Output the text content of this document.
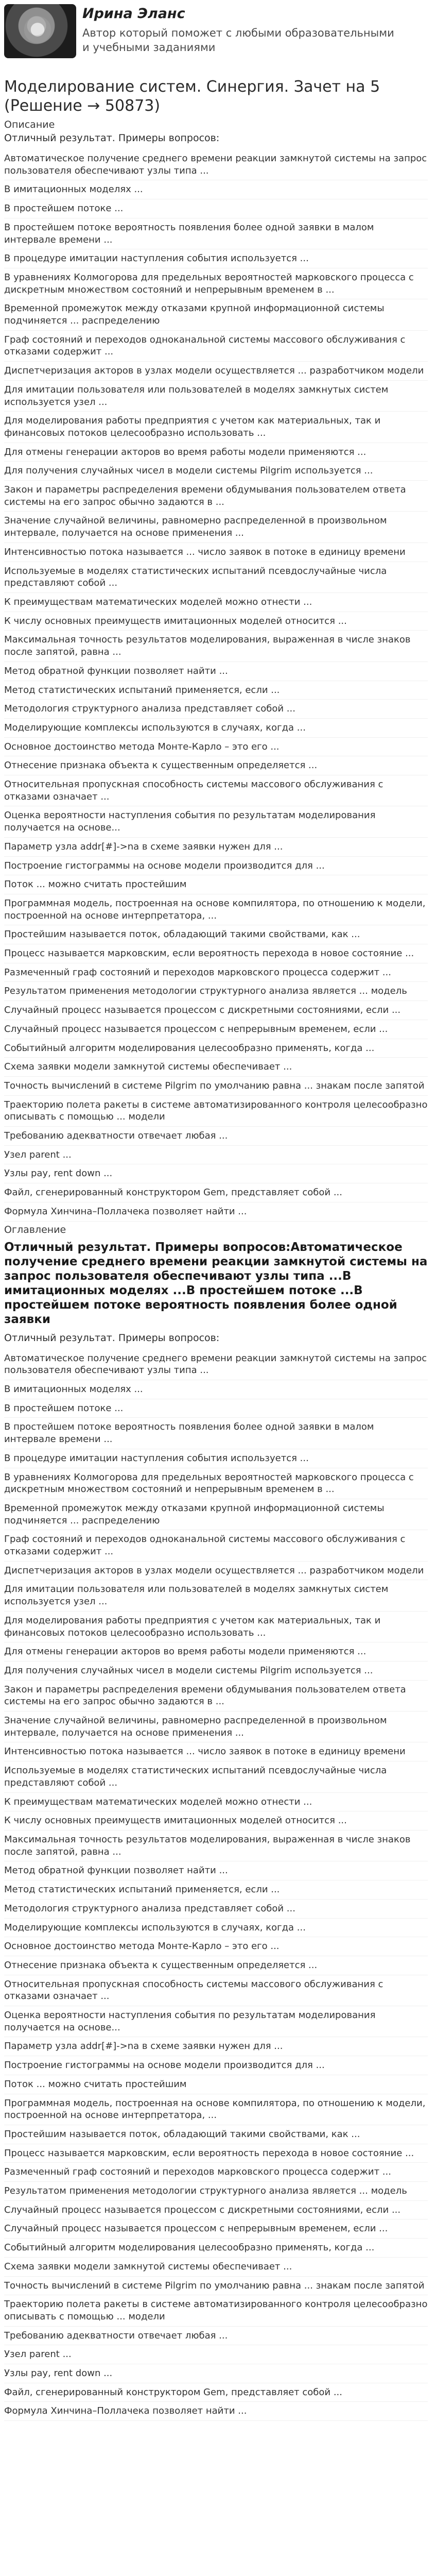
Ирина Эланс
Автор который поможет с любыми образовательными и учебными заданиями
Моделирование систем. Синергия. Зачет на 5 (Решение → 50873)
Описание
Отличный результат. Примеры вопросов:
Автоматическое получение среднего времени реакции замкнутой системы на запрос пользователя обеспечивают узлы типа ...
В имитационных моделях ...
В простейшем потоке ...
В простейшем потоке вероятность появления более одной заявки в малом интервале времени ...
В процедуре имитации наступления события используется ...
В уравнениях Колмогорова для предельных вероятностей марковского процесса с дискретным множеством состояний и непрерывным временем в ...
Временной промежуток между отказами крупной информационной системы подчиняется ... распределению
Граф состояний и переходов одноканальной системы массового обслуживания с отказами содержит ...
Диспетчеризация акторов в узлах модели осуществляется ... разработчиком модели
Для имитации пользователя или пользователей в моделях замкнутых систем используется узел ...
Для моделирования работы предприятия с учетом как материальных, так и финансовых потоков целесообразно использовать ...
Для отмены генерации акторов во время работы модели применяются ...
Для получения случайных чисел в модели системы Pilgrim используется ...
Закон и параметры распределения времени обдумывания пользователем ответа системы на его запрос обычно задаются в ...
Значение случайной величины, равномерно распределенной в произвольном интервале, получается на основе применения ...
Интенсивностью потока называется ... число заявок в потоке в единицу времени
Используемые в моделях статистических испытаний псевдослучайные числа представляют собой ...
К преимуществам математических моделей можно отнести ...
К числу основных преимуществ имитационных моделей относится ...
Максимальная точность результатов моделирования, выраженная в числе знаков после запятой, равна ...
Метод обратной функции позволяет найти ...
Метод статистических испытаний применяется, если ...
Методология структурного анализа представляет собой ...
Моделирующие комплексы используются в случаях, когда ...
Основное достоинство метода Монте-Карло – это его ...
Отнесение признака объекта к существенным определяется ...
Относительная пропускная способность системы массового обслуживания с отказами означает ...
Оценка вероятности наступления события по результатам моделирования получается на основе...
Параметр узла addr[#]->na в схеме заявки нужен для ...
Построение гистограммы на основе модели производится для ...
Поток ... можно считать простейшим
Программная модель, построенная на основе компилятора, по отношению к модели, построенной на основе интерпретатора, ...
Простейшим называется поток, обладающий такими свойствами, как ...
Процесс называется марковским, если вероятность перехода в новое состояние ...
Размеченный граф состояний и переходов марковского процесса содержит ...
Результатом применения методологии структурного анализа является ... модель
Случайный процесс называется процессом с дискретными состояниями, если ...
Случайный процесс называется процессом с непрерывным временем, если ...
Событийный алгоритм моделирования целесообразно применять, когда ...
Схема заявки модели замкнутой системы обеспечивает ...
Точность вычислений в системе Pilgrim по умолчанию равна ... знакам после запятой
Траекторию полета ракеты в системе автоматизированного контроля целесообразно описывать с помощью ... модели
Требованию адекватности отвечает любая ...
Узел parent ...
Узлы pay, rent down ...
Файл, сгенерированный конструктором Gem, представляет собой ...
Формула Хинчина–Поллачека позволяет найти ...
Оглавление
Отличный результат. Примеры вопросов:Автоматическое получение среднего времени реакции замкнутой системы на запрос пользователя обеспечивают узлы типа ...В имитационных моделях ...В простейшем потоке ...В простейшем потоке вероятность появления более одной заявки
Отличный результат. Примеры вопросов:
Автоматическое получение среднего времени реакции замкнутой системы на запрос пользователя обеспечивают узлы типа ...
В имитационных моделях ...
В простейшем потоке ...
В простейшем потоке вероятность появления более одной заявки в малом интервале времени ...
В процедуре имитации наступления события используется ...
В уравнениях Колмогорова для предельных вероятностей марковского процесса с дискретным множеством состояний и непрерывным временем в ...
Временной промежуток между отказами крупной информационной системы подчиняется ... распределению
Граф состояний и переходов одноканальной системы массового обслуживания с отказами содержит ...
Диспетчеризация акторов в узлах модели осуществляется ... разработчиком модели
Для имитации пользователя или пользователей в моделях замкнутых систем используется узел ...
Для моделирования работы предприятия с учетом как материальных, так и финансовых потоков целесообразно использовать ...
Для отмены генерации акторов во время работы модели применяются ...
Для получения случайных чисел в модели системы Pilgrim используется ...
Закон и параметры распределения времени обдумывания пользователем ответа системы на его запрос обычно задаются в ...
Значение случайной величины, равномерно распределенной в произвольном интервале, получается на основе применения ...
Интенсивностью потока называется ... число заявок в потоке в единицу времени
Используемые в моделях статистических испытаний псевдослучайные числа представляют собой ...
К преимуществам математических моделей можно отнести ...
К числу основных преимуществ имитационных моделей относится ...
Максимальная точность результатов моделирования, выраженная в числе знаков после запятой, равна ...
Метод обратной функции позволяет найти ...
Метод статистических испытаний применяется, если ...
Методология структурного анализа представляет собой ...
Моделирующие комплексы используются в случаях, когда ...
Основное достоинство метода Монте-Карло – это его ...
Отнесение признака объекта к существенным определяется ...
Относительная пропускная способность системы массового обслуживания с отказами означает ...
Оценка вероятности наступления события по результатам моделирования получается на основе...
Параметр узла addr[#]->na в схеме заявки нужен для ...
Построение гистограммы на основе модели производится для ...
Поток ... можно считать простейшим
Программная модель, построенная на основе компилятора, по отношению к модели, построенной на основе интерпретатора, ...
Простейшим называется поток, обладающий такими свойствами, как ...
Процесс называется марковским, если вероятность перехода в новое состояние ...
Размеченный граф состояний и переходов марковского процесса содержит ...
Результатом применения методологии структурного анализа является ... модель
Случайный процесс называется процессом с дискретными состояниями, если ...
Случайный процесс называется процессом с непрерывным временем, если ...
Событийный алгоритм моделирования целесообразно применять, когда ...
Схема заявки модели замкнутой системы обеспечивает ...
Точность вычислений в системе Pilgrim по умолчанию равна ... знакам после запятой
Траекторию полета ракеты в системе автоматизированного контроля целесообразно описывать с помощью ... модели
Требованию адекватности отвечает любая ...
Узел parent ...
Узлы pay, rent down ...
Файл, сгенерированный конструктором Gem, представляет собой ...
Формула Хинчина–Поллачека позволяет найти ...
